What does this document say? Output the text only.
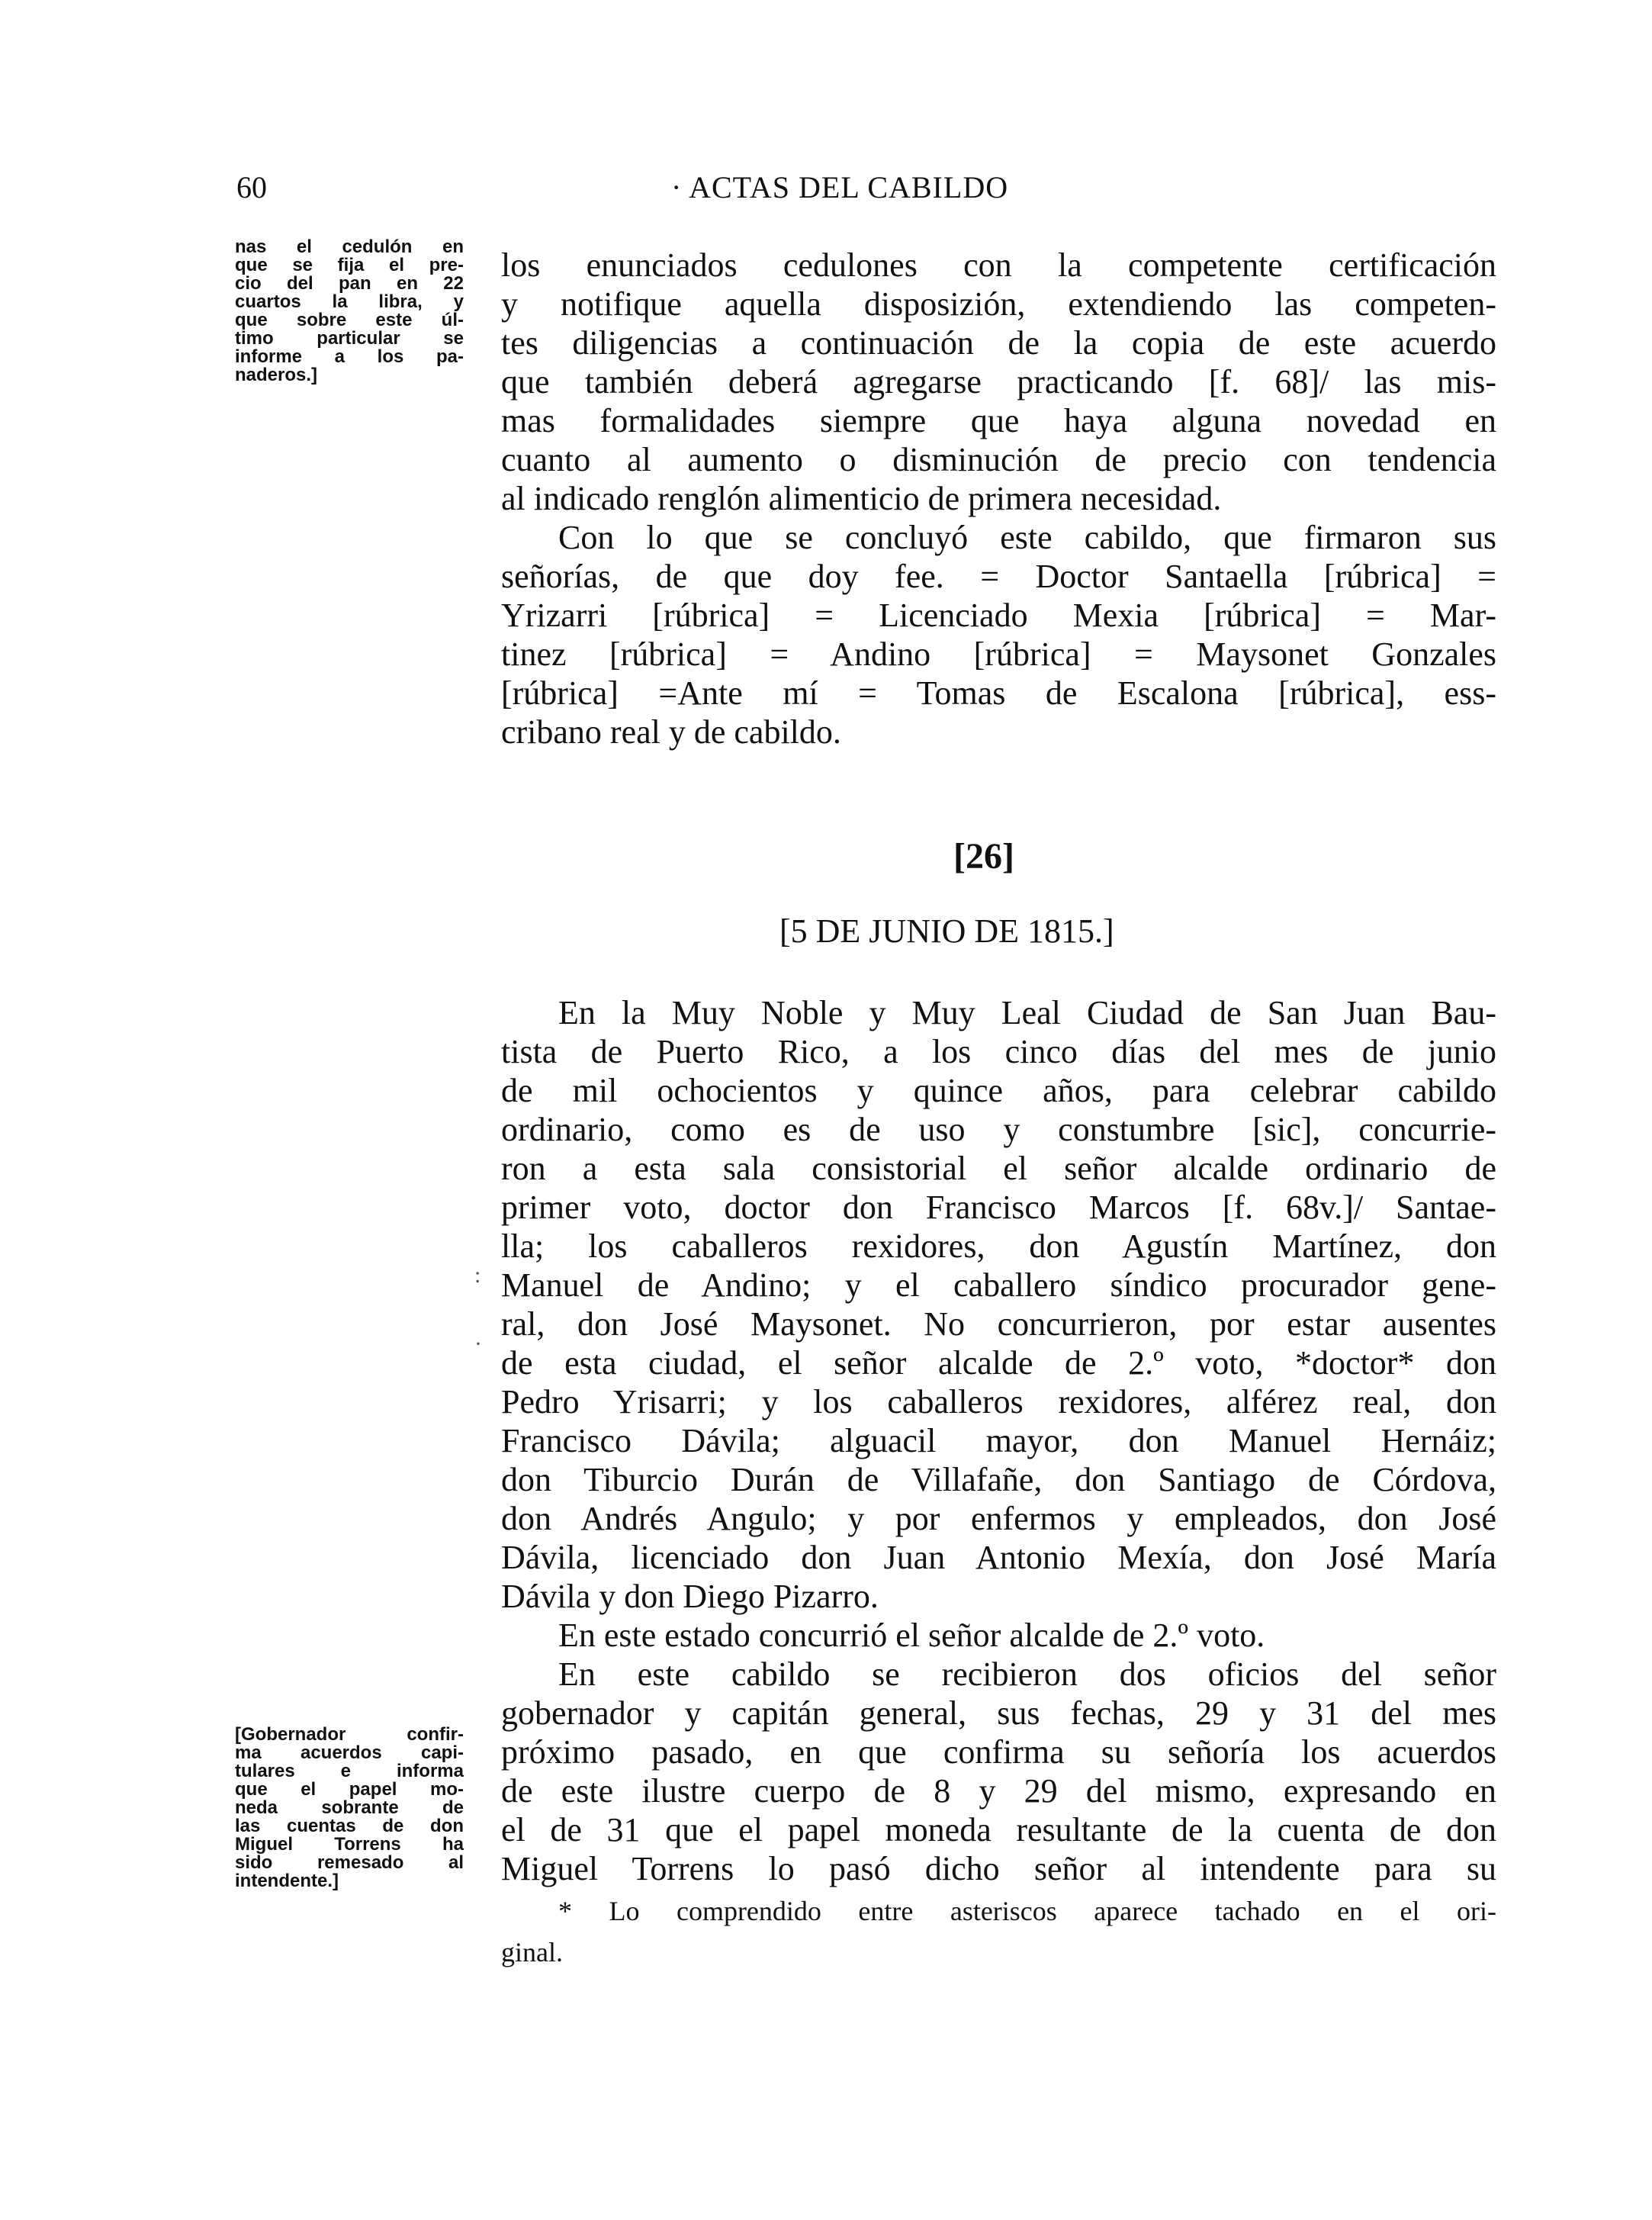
60	· ACTAS DEL CABILDO
nas el cedulón en
que se fija el pre-
cio del pan en 22
cuartos la libra, y
que sobre este úl-
timo particular se
informe a los pa-
naderos.]
[Gobernador confir-
ma acuerdos capi-
tulares e informa
que el papel mo-
neda sobrante de
las cuentas de don
Miguel Torrens ha
sido remesado al
intendente.]
los enunciados cedulones con la competente certificación
y notifique aquella disposizión, extendiendo las competen-
tes diligencias a continuación de la copia de este acuerdo
que también deberá agregarse practicando [f. 68]/ las mis-
mas formalidades siempre que haya alguna novedad en
cuanto al aumento o disminución de precio con tendencia
al indicado renglón alimenticio de primera necesidad.
Con lo que se concluyó este cabildo, que firmaron sus
señorías, de que doy fee. = Doctor Santaella [rúbrica] =
Yrizarri [rúbrica] = Licenciado Mexia [rúbrica] = Mar-
tinez [rúbrica] = Andino [rúbrica] = Maysonet Gonzales
[rúbrica] =Ante mí = Tomas de Escalona [rúbrica], ess-
cribano real y de cabildo.
[26]
[5 DE JUNIO DE 1815.]
En la Muy Noble y Muy Leal Ciudad de San Juan Bau-
tista de Puerto Rico, a los cinco días del mes de junio
de mil ochocientos y quince años, para celebrar cabildo
ordinario, como es de uso y constumbre [sic], concurrie-
ron a esta sala consistorial el señor alcalde ordinario de
primer voto, doctor don Francisco Marcos [f. 68v.]/ Santae-
lla; los caballeros rexidores, don Agustín Martínez, don
Manuel de Andino; y el caballero síndico procurador gene-
ral, don José Maysonet. No concurrieron, por estar ausentes
de esta ciudad, el señor alcalde de 2.º voto, *doctor* don
Pedro Yrisarri; y los caballeros rexidores, alférez real, don
Francisco Dávila; alguacil mayor, don Manuel Hernáiz;
don Tiburcio Durán de Villafañe, don Santiago de Córdova,
don Andrés Angulo; y por enfermos y empleados, don José
Dávila, licenciado don Juan Antonio Mexía, don José María
Dávila y don Diego Pizarro.
En este estado concurrió el señor alcalde de 2.º voto.
En este cabildo se recibieron dos oficios del señor
gobernador y capitán general, sus fechas, 29 y 31 del mes
próximo pasado, en que confirma su señoría los acuerdos
de este ilustre cuerpo de 8 y 29 del mismo, expresando en
el de 31 que el papel moneda resultante de la cuenta de don
Miguel Torrens lo pasó dicho señor al intendente para su
* Lo comprendido entre asteriscos aparece tachado en el ori-
ginal.
:
·
